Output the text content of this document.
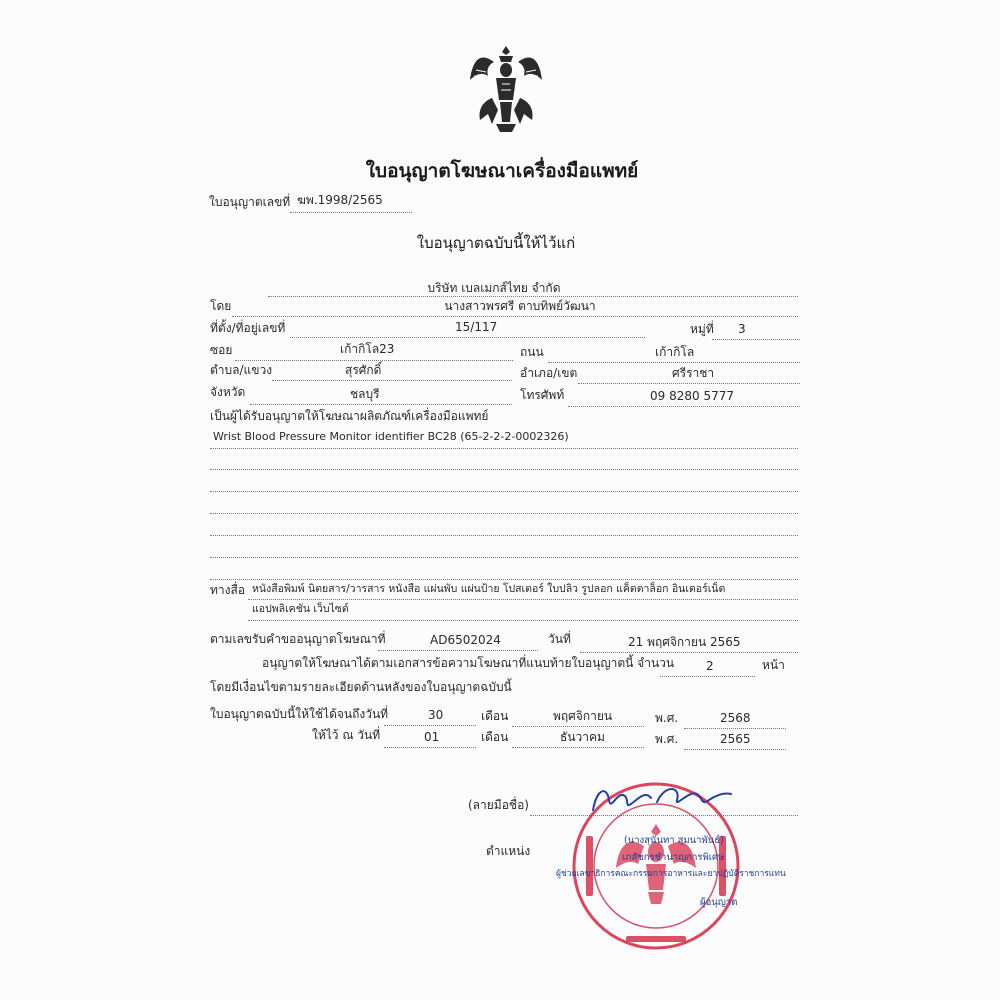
ใบอนุญาตโฆษณาเครื่องมือแพทย์
ใบอนุญาตเลขที่ ฆพ.1998/2565
ใบอนุญาตฉบับนี้ให้ไว้แก่
บริษัท เบลเมกส์ไทย จำกัด
โดย	นางสาวพรศรี ตาบทิพย์วัฒนา
ที่ตั้ง/ที่อยู่เลขที่	15/117	หมู่ที่ 3
ซอย	เก้ากิโล23	ถนน	เก้ากิโล
ตำบล/แขวง	สุรศักดิ์	อำเภอ/เขต	ศรีราชา
จังหวัด	ชลบุรี	โทรศัพท์	09 8280 5777
เป็นผู้ได้รับอนุญาตให้โฆษณาผลิตภัณฑ์เครื่องมือแพทย์
Wrist Blood Pressure Monitor identifier BC28 (65-2-2-2-0002326)
ทางสื่อ หนังสือพิมพ์ นิตยสาร/วารสาร หนังสือ แผ่นพับ แผ่นป้าย โปสเตอร์ ใบปลิว รูปลอก แค็ตตาล็อก อินเตอร์เน็ต
แอปพลิเคชัน เว็บไซต์
ตามเลขรับคำขออนุญาตโฆษณาที่	AD6502024	วันที่	21 พฤศจิกายน 2565
อนุญาตให้โฆษณาได้ตามเอกสารข้อความโฆษณาที่แนบท้ายใบอนุญาตนี้ จำนวน	2	หน้า
โดยมีเงื่อนไขตามรายละเอียดด้านหลังของใบอนุญาตฉบับนี้
ใบอนุญาตฉบับนี้ให้ใช้ได้จนถึงวันที่	30	เดือน	พฤศจิกายน	พ.ศ.	2568
ให้ไว้ ณ วันที่	01	เดือน	ธันวาคม	พ.ศ.	2565
(ลายมือชื่อ)
ตำแหน่ง
(นางสุนันทา สุมนาพันธ์)
เภสัชกรชำนาญการพิเศษ
ผู้ช่วยเลขาธิการคณะกรรมการอาหารและยาปฏิบัติราชการแทน
ผู้อนุญาต
